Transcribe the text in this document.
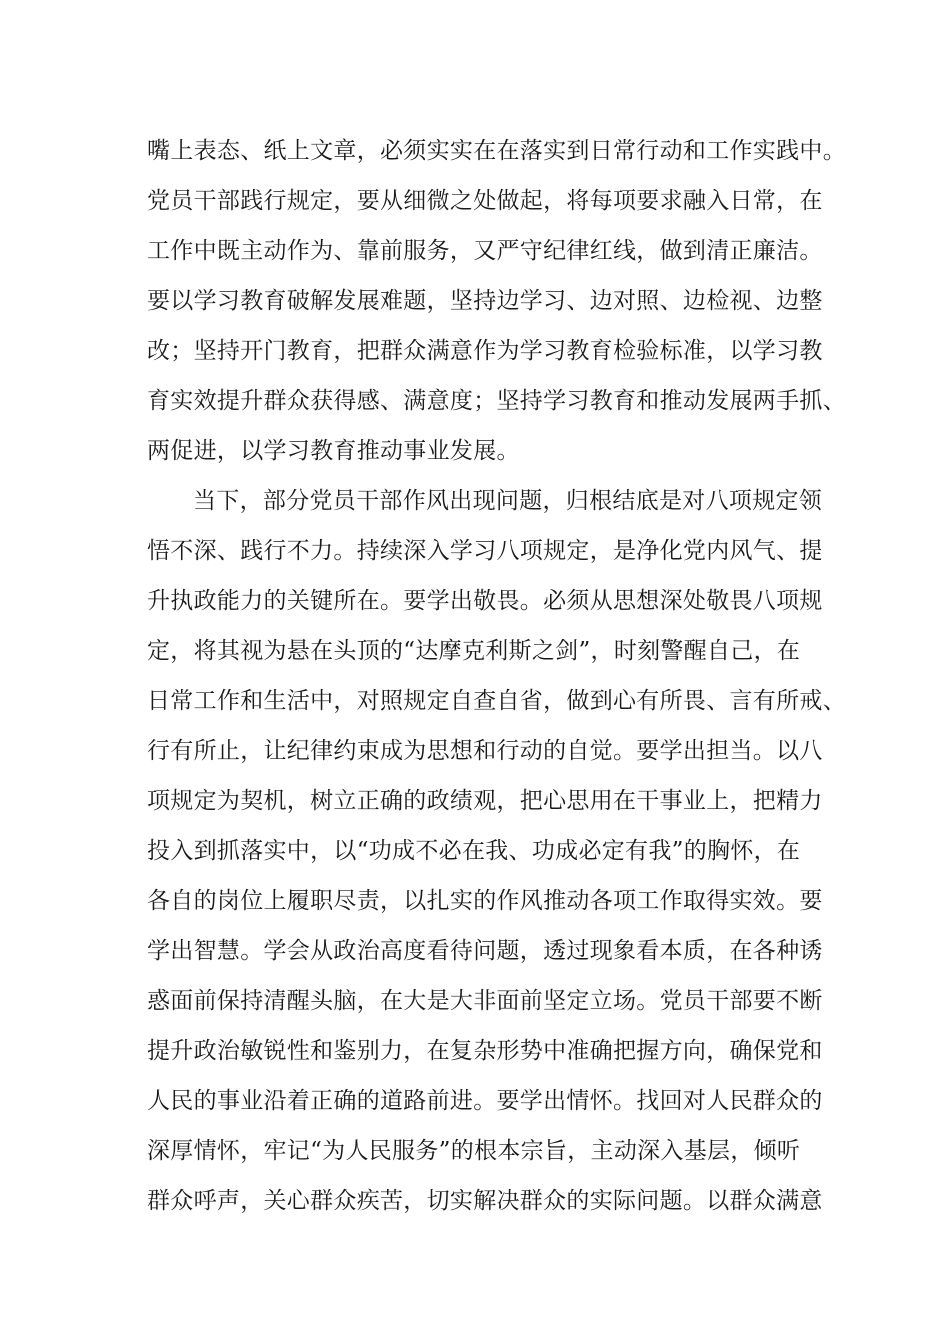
嘴上表态、纸上文章，必须实实在在落实到日常行动和工作实践中。
党员干部践行规定，要从细微之处做起，将每项要求融入日常，在
工作中既主动作为、靠前服务，又严守纪律红线，做到清正廉洁。
要以学习教育破解发展难题，坚持边学习、边对照、边检视、边整
改；坚持开门教育，把群众满意作为学习教育检验标准，以学习教
育实效提升群众获得感、满意度；坚持学习教育和推动发展两手抓、
两促进，以学习教育推动事业发展。
当下，部分党员干部作风出现问题，归根结底是对八项规定领
悟不深、践行不力。持续深入学习八项规定，是净化党内风气、提
升执政能力的关键所在。要学出敬畏。必须从思想深处敬畏八项规
定，将其视为悬在头顶的“达摩克利斯之剑”，时刻警醒自己，在
日常工作和生活中，对照规定自查自省，做到心有所畏、言有所戒、
行有所止，让纪律约束成为思想和行动的自觉。要学出担当。以八
项规定为契机，树立正确的政绩观，把心思用在干事业上，把精力
投入到抓落实中，以“功成不必在我、功成必定有我”的胸怀，在
各自的岗位上履职尽责，以扎实的作风推动各项工作取得实效。要
学出智慧。学会从政治高度看待问题，透过现象看本质，在各种诱
惑面前保持清醒头脑，在大是大非面前坚定立场。党员干部要不断
提升政治敏锐性和鉴别力，在复杂形势中准确把握方向，确保党和
人民的事业沿着正确的道路前进。要学出情怀。找回对人民群众的
深厚情怀，牢记“为人民服务”的根本宗旨，主动深入基层，倾听
群众呼声，关心群众疾苦，切实解决群众的实际问题。以群众满意
